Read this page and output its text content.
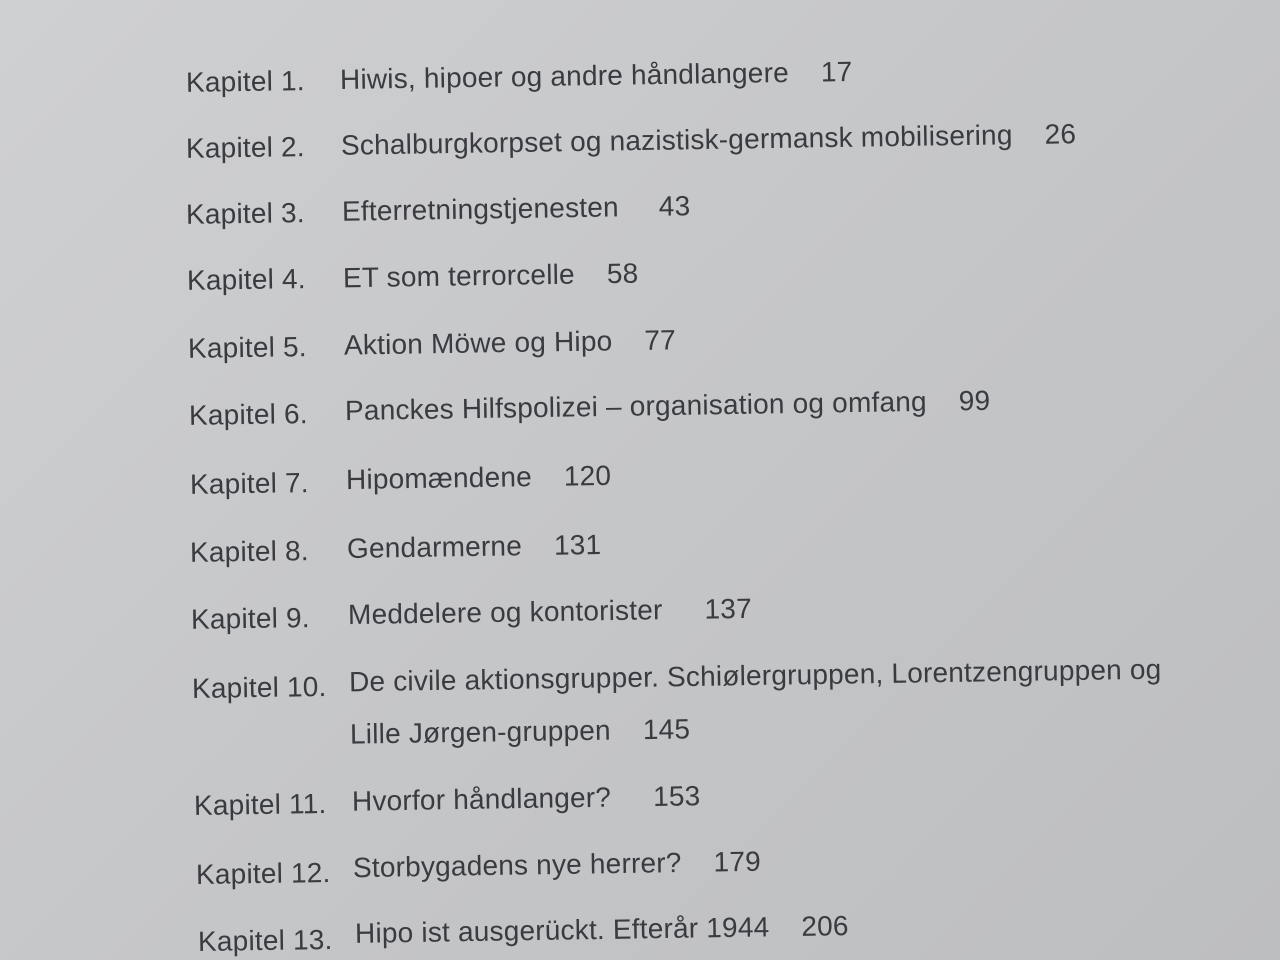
Kapitel 1. Hiwis, hipoer og andre håndlangere 17
Kapitel 2. Schalburgkorpset og nazistisk-germansk mobilisering 26
Kapitel 3. Efterretningstjenesten 43
Kapitel 4. ET som terrorcelle 58
Kapitel 5. Aktion Möwe og Hipo 77
Kapitel 6. Panckes Hilfspolizei – organisation og omfang 99
Kapitel 7. Hipomændene 120
Kapitel 8. Gendarmerne 131
Kapitel 9. Meddelere og kontorister 137
Kapitel 10. De civile aktionsgrupper. Schiølergruppen, Lorentzengruppen og
Lille Jørgen-gruppen 145
Kapitel 11. Hvorfor håndlanger? 153
Kapitel 12. Storbygadens nye herrer? 179
Kapitel 13. Hipo ist ausgerückt. Efterår 1944 206
